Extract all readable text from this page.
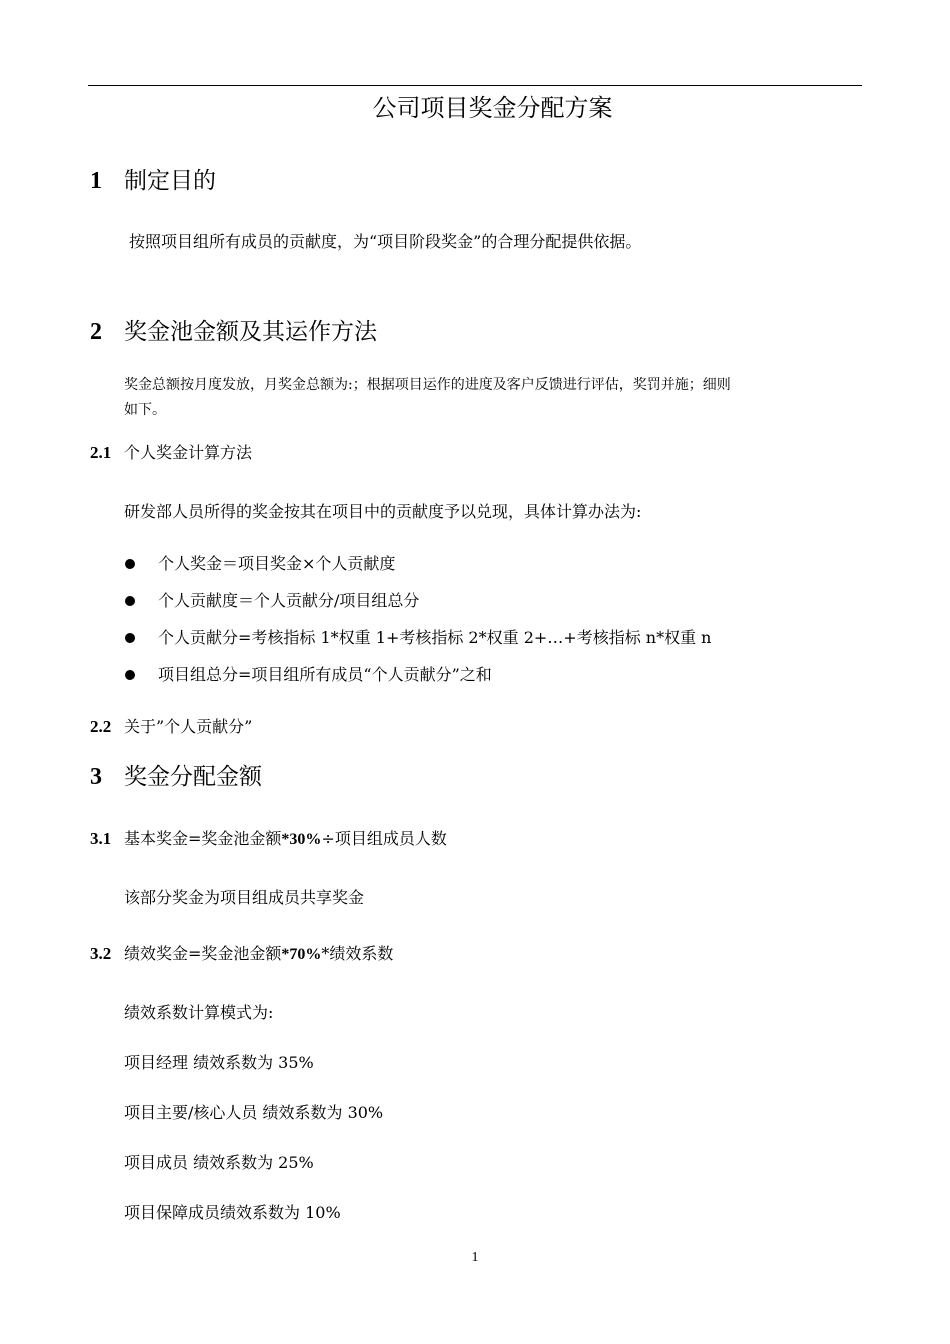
公司项目奖金分配方案
1 制定目的
按照项目组所有成员的贡献度，为“项目阶段奖金”的合理分配提供依据。
2 奖金池金额及其运作方法
奖金总额按月度发放，月奖金总额为:；根据项目运作的进度及客户反馈进行评估，奖罚并施；细则
如下。
2.1 个人奖金计算方法
研发部人员所得的奖金按其在项目中的贡献度予以兑现，具体计算办法为:
个人奖金＝项目奖金×个人贡献度
个人贡献度＝个人贡献分/项目组总分
个人贡献分=考核指标 1*权重 1+考核指标 2*权重 2+…+考核指标 n*权重 n
项目组总分=项目组所有成员“个人贡献分”之和
2.2 关于”个人贡献分”
3 奖金分配金额
3.1 基本奖金=奖金池金额*30%÷项目组成员人数
该部分奖金为项目组成员共享奖金
3.2 绩效奖金=奖金池金额*70%*绩效系数
绩效系数计算模式为:
项目经理 绩效系数为 35%
项目主要/核心人员 绩效系数为 30%
项目成员 绩效系数为 25%
项目保障成员绩效系数为 10%
1
